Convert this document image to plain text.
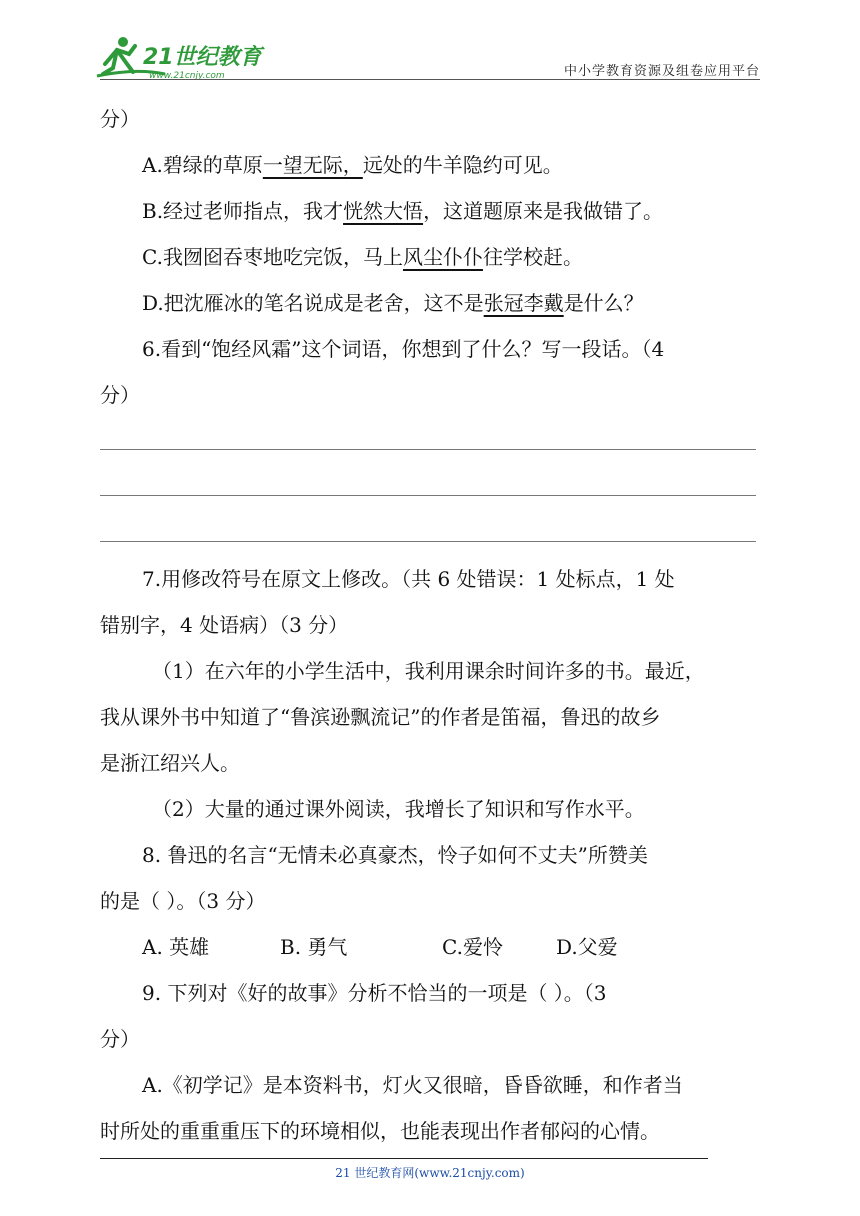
21世纪教育
www.21cnjy.com	中小学教育资源及组卷应用平台
分）
A.碧绿的草原一望无际，远处的牛羊隐约可见。
B.经过老师指点，我才恍然大悟，这道题原来是我做错了。
C.我囫囵吞枣地吃完饭，马上风尘仆仆往学校赶。
D.把沈雁冰的笔名说成是老舍，这不是张冠李戴是什么？
6.看到“饱经风霜”这个词语，你想到了什么？写一段话。（4
分）
7.用修改符号在原文上修改。（共 6 处错误：1 处标点，1 处
错别字，4 处语病）（3 分）
（1）在六年的小学生活中，我利用课余时间许多的书。最近，
我从课外书中知道了“鲁滨逊飘流记”的作者是笛福，鲁迅的故乡
是浙江绍兴人。
（2）大量的通过课外阅读，我增长了知识和写作水平。
8. 鲁迅的名言“无情未必真豪杰，怜子如何不丈夫”所赞美
的是（ ）。（3 分）
A. 英雄	B. 勇气	C.爱怜	D.父爱
9. 下列对《好的故事》分析不恰当的一项是（ ）。（3
分）
A.《初学记》是本资料书，灯火又很暗，昏昏欲睡，和作者当
时所处的重重重压下的环境相似，也能表现出作者郁闷的心情。
21 世纪教育网(www.21cnjy.com)
